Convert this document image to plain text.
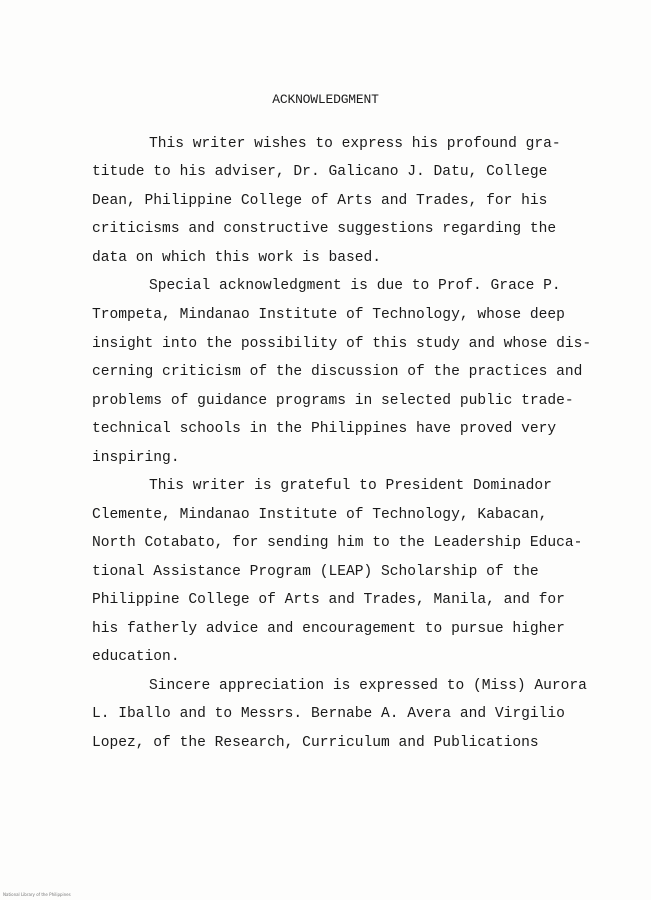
ACKNOWLEDGMENT
This writer wishes to express his profound gra-
titude to his adviser, Dr. Galicano J. Datu, College
Dean, Philippine College of Arts and Trades, for his
criticisms and constructive suggestions regarding the
data on which this work is based.
Special acknowledgment is due to Prof. Grace P.
Trompeta, Mindanao Institute of Technology, whose deep
insight into the possibility of this study and whose dis-
cerning criticism of the discussion of the practices and
problems of guidance programs in selected public trade-
technical schools in the Philippines have proved very
inspiring.
This writer is grateful to President Dominador
Clemente, Mindanao Institute of Technology, Kabacan,
North Cotabato, for sending him to the Leadership Educa-
tional Assistance Program (LEAP) Scholarship of the
Philippine College of Arts and Trades, Manila, and for
his fatherly advice and encouragement to pursue higher
education.
Sincere appreciation is expressed to (Miss) Aurora
L. Iballo and to Messrs. Bernabe A. Avera and Virgilio
Lopez, of the Research, Curriculum and Publications
National Library of the Philippines
